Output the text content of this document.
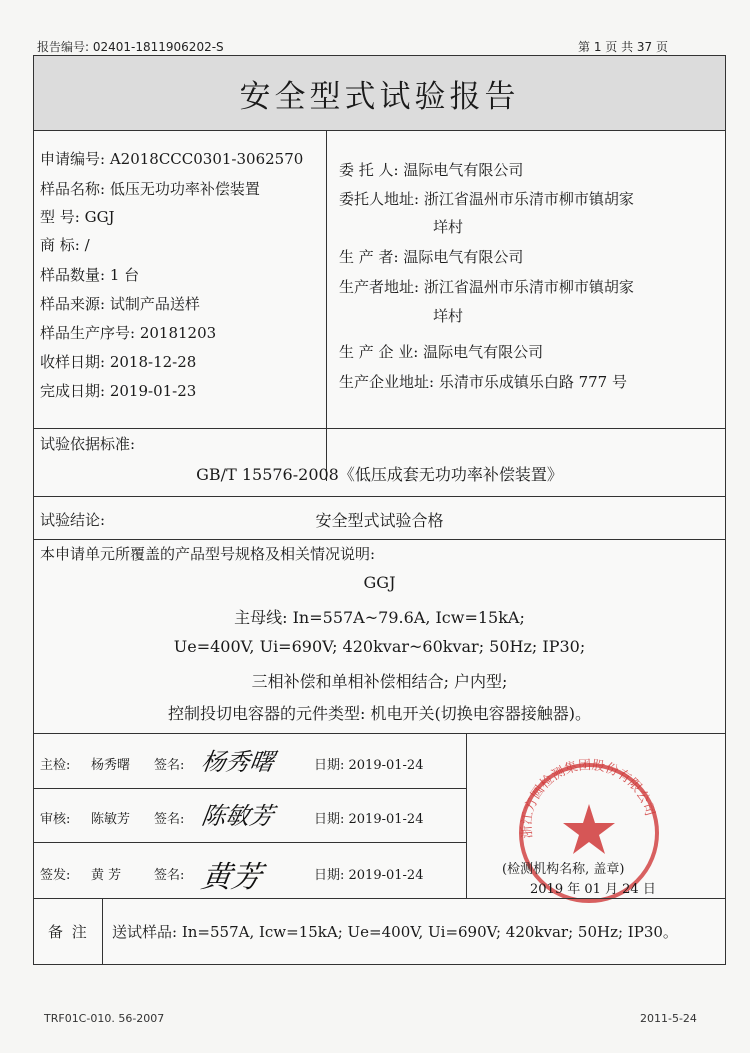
报告编号: 02401-1811906202-S	第 1 页 共 37 页
安全型式试验报告
申请编号: A2018CCC0301-3062570
样品名称: 低压无功功率补偿装置
型 号: GGJ
商 标: /
样品数量: 1 台
样品来源: 试制产品送样
样品生产序号: 20181203
收样日期: 2018-12-28
完成日期: 2019-01-23
委 托 人: 温际电气有限公司
委托人地址: 浙江省温州市乐清市柳市镇胡家
垟村
生 产 者: 温际电气有限公司
生产者地址: 浙江省温州市乐清市柳市镇胡家
垟村
生 产 企 业: 温际电气有限公司
生产企业地址: 乐清市乐成镇乐白路 777 号
试验依据标准:
GB/T 15576-2008《低压成套无功功率补偿装置》
试验结论:	安全型式试验合格
本申请单元所覆盖的产品型号规格及相关情况说明:
GGJ
主母线: In=557A~79.6A, Icw=15kA;
Ue=400V, Ui=690V; 420kvar~60kvar; 50Hz; IP30;
三相补偿和单相补偿相结合; 户内型;
控制投切电容器的元件类型: 机电开关(切换电容器接触器)。
主检: 杨秀曙 签名: 杨秀曙	日期: 2019-01-24
审核: 陈敏芳 签名: 陈敏芳	日期: 2019-01-24
签发: 黄 芳	签名: 黄芳	日期: 2019-01-24
浙江方圆检测集团股份有限公司
(检测机构名称, 盖章)
2019 年 01 月 24 日
备 注 送试样品: In=557A, Icw=15kA; Ue=400V, Ui=690V; 420kvar; 50Hz; IP30。
TRF01C-010. 56-2007	2011-5-24
